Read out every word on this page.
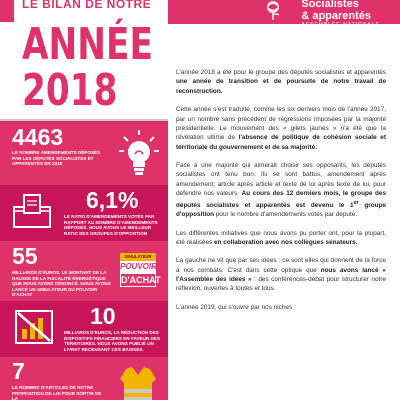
LE BILAN DE NOTRE	Socialistes
& apparentés
ASSEMBLÉE NATIONALE
ANNÉE
2018
4463
LE NOMBRE AMENDEMENTS DÉPOSÉS PAR LES DÉPUTÉS SOCIALISTES ET APPARENTÉS EN 2018
6,1%
LE RATIO D'AMENDEMENTS VOTÉS PAR RAPPORT AU NOMBRE D'AMENDEMENTS DÉPOSÉS. NOUS AVONS LE MEILLEUR RATIO DES GROUPES D'OPPOSITION
55
MILLIARDS D'EUROS, LE MONTANT DE LA HAUSSE DE LA FISCALITÉ ÉNERGÉTIQUE QUE NOUS AVONS DÉNONCÉ. NOUS AVONS LANCÉ UN SIMULATEUR DU POUVOIR D'ACHAT
SIMULATEUR
POUVOIR
D'ACHAT
10
MILLIARDS D'EUROS, LA RÉDUCTION DES DISPOSITIFS FINANCIERS EN FAVEUR DES TERRITOIRES. NOUS AVONS PUBLIÉ UN LIVRET RECENSANT CES BAISSES.
7
LE NOMBRE D'ARTICLES DE NOTRE PROPOSITION DE LOI POUR SORTIR DE LA

L'année 2018 a été pour le groupe des députés socialistes et apparentés une année de transition et de poursuite de notre travail de reconstruction.

Cette année s'est traduite, comme les six derniers mois de l'année 2017, par un nombre sans précédent de régressions imposées par la majorité présidentielle. Le mouvement des « gilets jaunes » n'a été que la révélation ultime de l'absence de politique de cohésion sociale et territoriale du gouvernement et de sa majorité.

Face à une majorité qui aimerait choisir ses opposants, les députés socialistes ont tenu bon. Ils se sont battus, amendement après amendement, article après article et texte de loi après texte de loi, pour défendre nos valeurs. Au cours des 12 derniers mois, le groupe des députés socialistes et apparentés est devenu le 1er groupe d'opposition pour le nombre d'amendements votés par député.

Les différentes initiatives que nous avons pu porter ont, pour la plupart, été réalisées en collaboration avec nos collègues sénateurs.

La gauche ne vit que par ses idées : ce sont elles qui donnent de la force à nos combats. C'est dans cette optique que nous avons lancé « l'Assemblée des idées » : des conférences-débat pour structurer notre réflexion, ouvertes à toutes et tous.

L'année 2019, qui s'ouvre par nos niches
